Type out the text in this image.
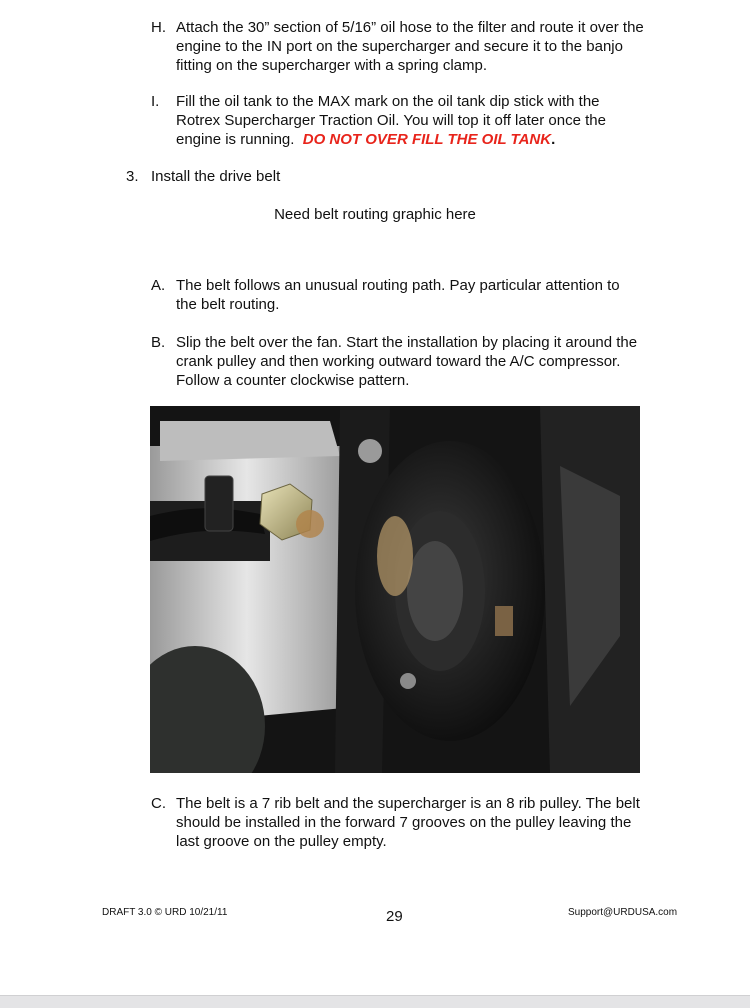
H. Attach the 30” section of 5/16” oil hose to the filter and route it over the
engine to the IN port on the supercharger and secure it to the banjo
fitting on the supercharger with a spring clamp.
I. Fill the oil tank to the MAX mark on the oil tank dip stick with the
Rotrex Supercharger Traction Oil. You will top it off later once the
engine is running. DO NOT OVER FILL THE OIL TANK.
3. Install the drive belt
Need belt routing graphic here
A. The belt follows an unusual routing path. Pay particular attention to
the belt routing.
B. Slip the belt over the fan. Start the installation by placing it around the
crank pulley and then working outward toward the A/C compressor.
Follow a counter clockwise pattern.
C. The belt is a 7 rib belt and the supercharger is an 8 rib pulley. The belt
should be installed in the forward 7 grooves on the pulley leaving the
last groove on the pulley empty.
DRAFT 3.0 © URD 10/21/11	29	Support@URDUSA.com
